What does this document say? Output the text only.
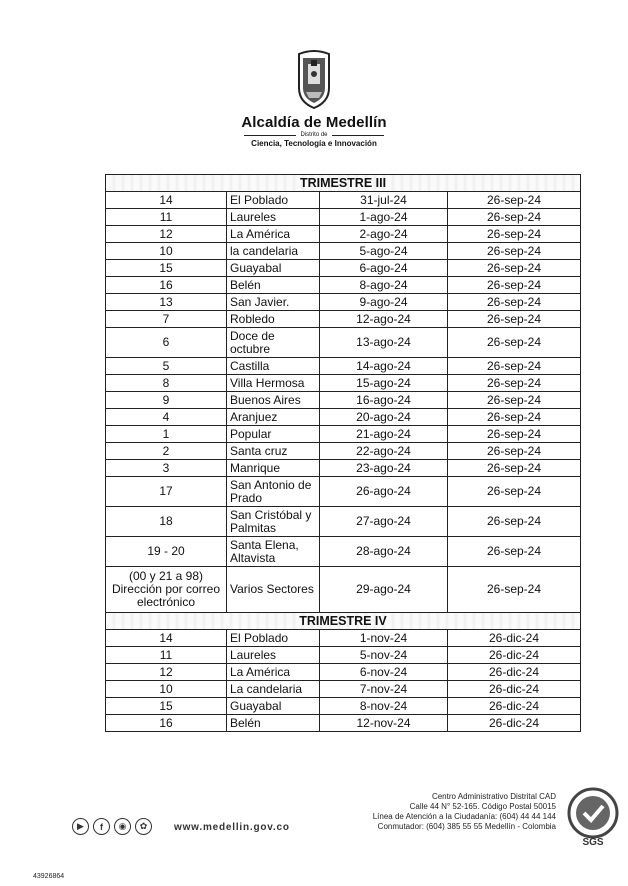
Alcaldía de Medellín
Distrito de
Ciencia, Tecnología e Innovación
TRIMESTRE III			
14	El Poblado	31-jul-24	26-sep-24
11	Laureles	1-ago-24	26-sep-24
12	La América	2-ago-24	26-sep-24
10	la candelaria	5-ago-24	26-sep-24
15	Guayabal	6-ago-24	26-sep-24
16	Belén	8-ago-24	26-sep-24
13	San Javier.	9-ago-24	26-sep-24
7	Robledo	12-ago-24	26-sep-24
6	Doce de octubre	13-ago-24	26-sep-24
5	Castilla	14-ago-24	26-sep-24
8	Villa Hermosa	15-ago-24	26-sep-24
9	Buenos Aires	16-ago-24	26-sep-24
4	Aranjuez	20-ago-24	26-sep-24
1	Popular	21-ago-24	26-sep-24
2	Santa cruz	22-ago-24	26-sep-24
3	Manrique	23-ago-24	26-sep-24
17	San Antonio de Prado	26-ago-24	26-sep-24
18	San Cristóbal y Palmitas	27-ago-24	26-sep-24
19 - 20	Santa Elena, Altavista	28-ago-24	26-sep-24
(00 y 21 a 98) Dirección por correo electrónico	Varios Sectores	29-ago-24	26-sep-24
TRIMESTRE IV			
14	El Poblado	1-nov-24	26-dic-24
11	Laureles	5-nov-24	26-dic-24
12	La América	6-nov-24	26-dic-24
10	La candelaria	7-nov-24	26-dic-24
15	Guayabal	8-nov-24	26-dic-24
16	Belén	12-nov-24	26-dic-24
Centro Administrativo Distrital CAD
Calle 44 N° 52-165. Código Postal 50015
Línea de Atención a la Ciudadanía: (604) 44 44 144
Conmutador: (604) 385 55 55 Medellín - Colombia
▶	f	◉	✿	www.medellin.gov.co
SGS
43926864
